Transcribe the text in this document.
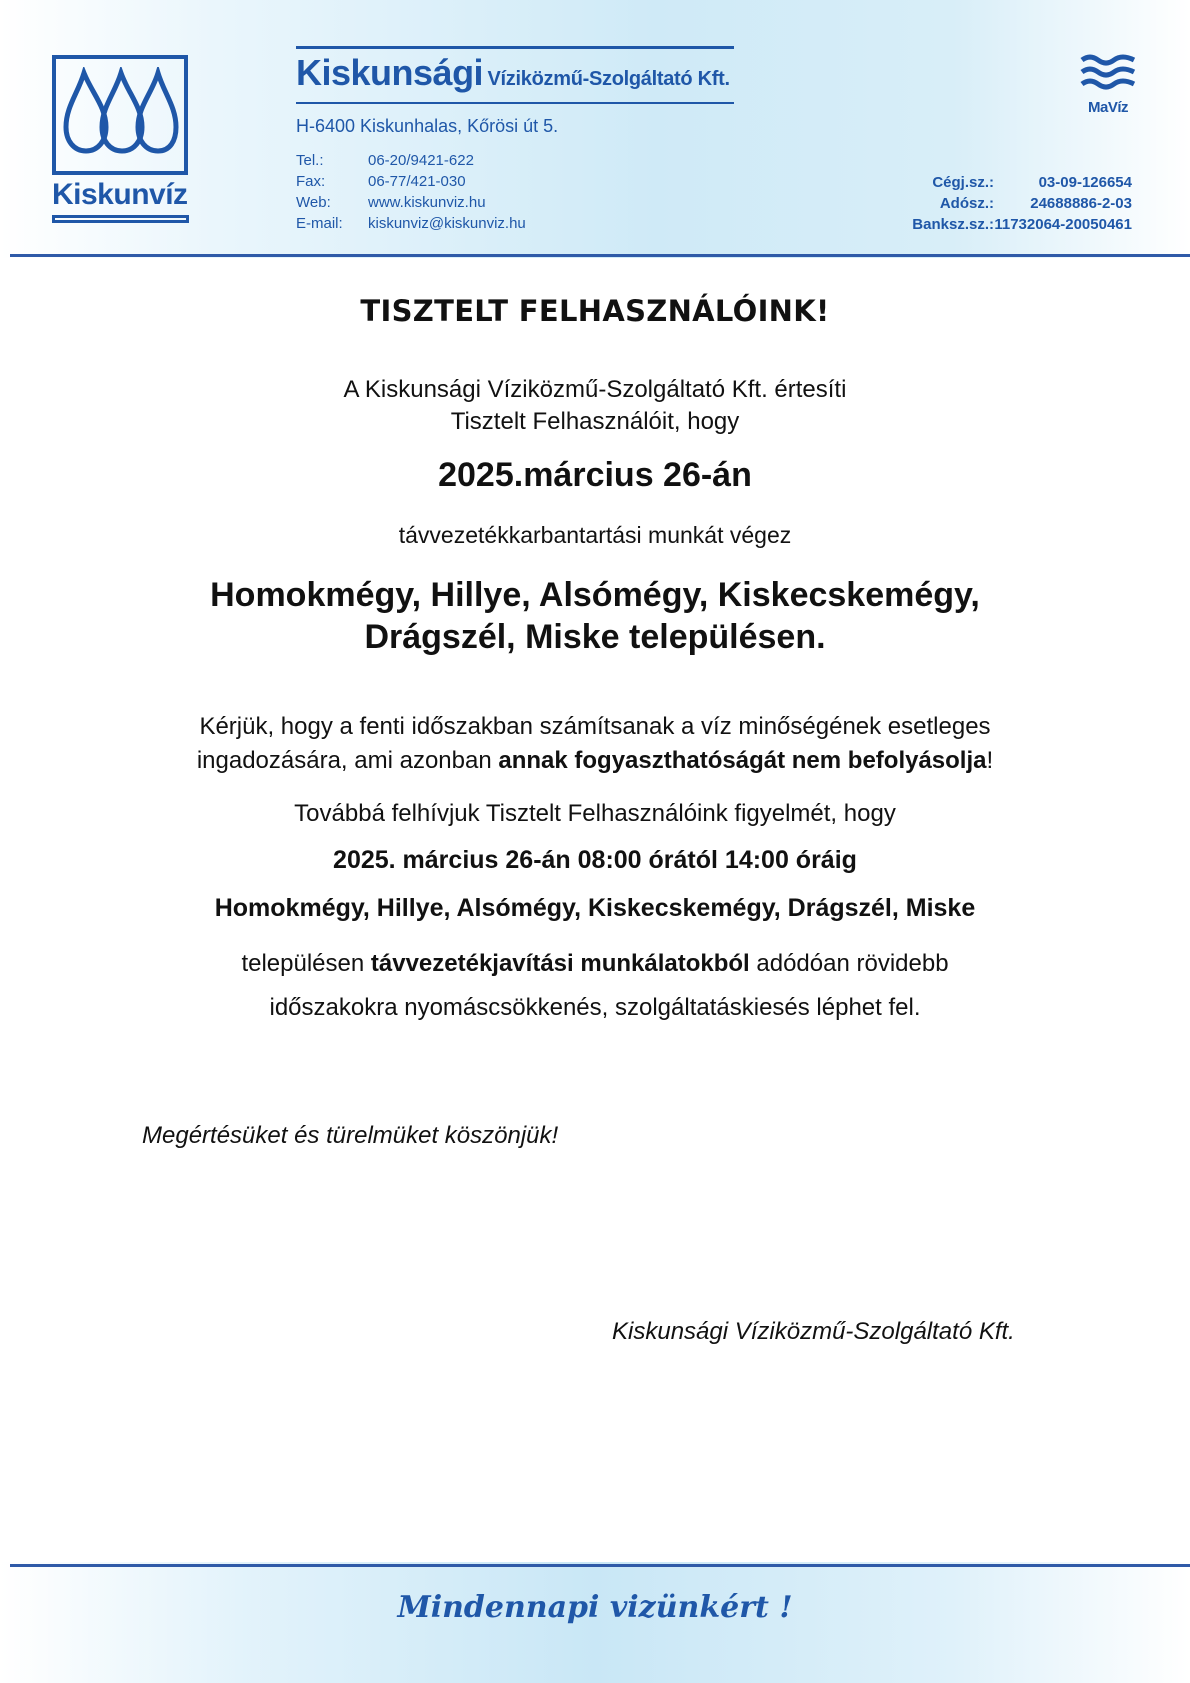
Kiskunvíz
Kiskunsági Víziközmű-Szolgáltató Kft.
H-6400 Kiskunhalas, Kőrösi út 5.
Tel.:	06-20/9421-622
Fax:	06-77/421-030
Web:	www.kiskunviz.hu
E-mail:	kiskunviz@kiskunviz.hu
MaVíz
Cégj.sz.:	03-09-126654
Adósz.:	24688886-2-03
Banksz.sz.: 11732064-20050461
TISZTELT FELHASZNÁLÓINK!
A Kiskunsági Víziközmű-Szolgáltató Kft. értesíti
Tisztelt Felhasználóit, hogy
2025.március 26-án
távvezetékkarbantartási munkát végez
Homokmégy, Hillye, Alsómégy, Kiskecskemégy,
Drágszél, Miske településen.
Kérjük, hogy a fenti időszakban számítsanak a víz minőségének esetleges
ingadozására, ami azonban annak fogyaszthatóságát nem befolyásolja!
Továbbá felhívjuk Tisztelt Felhasználóink figyelmét, hogy
2025. március 26-án 08:00 órától 14:00 óráig
Homokmégy, Hillye, Alsómégy, Kiskecskemégy, Drágszél, Miske
településen távvezetékjavítási munkálatokból adódóan rövidebb
időszakokra nyomáscsökkenés, szolgáltatáskiesés léphet fel.
Megértésüket és türelmüket köszönjük!
Kiskunsági Víziközmű-Szolgáltató Kft.
Mindennapi vizünkért !
